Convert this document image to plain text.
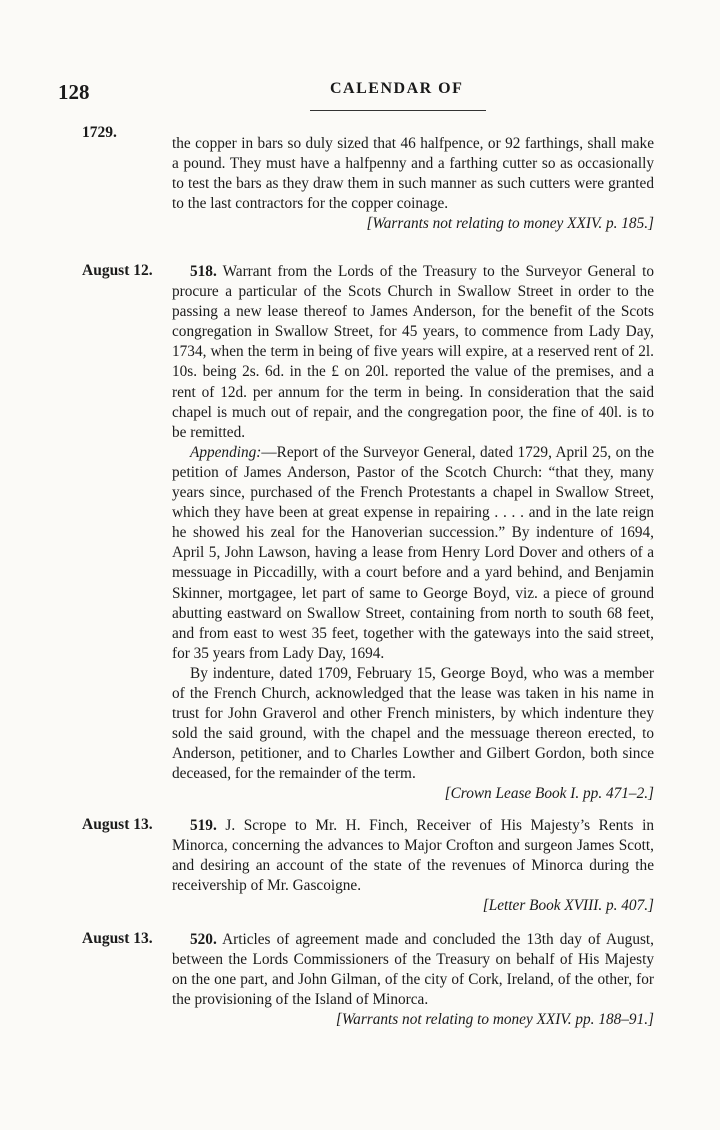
128	CALENDAR OF
1729.

the copper in bars so duly sized that 46 halfpence, or 92 farthings, shall make a pound. They must have a halfpenny and a farthing cutter so as occasionally to test the bars as they draw them in such manner as such cutters were granted to the last contractors for the copper coinage.

[Warrants not relating to money XXIV. p. 185.]

August 12.	518. Warrant from the Lords of the Treasury to the Surveyor General to procure a particular of the Scots Church in Swallow Street in order to the passing a new lease thereof to James Anderson, for the benefit of the Scots congregation in Swallow Street, for 45 years, to commence from Lady Day, 1734, when the term in being of five years will expire, at a reserved rent of 2l. 10s. being 2s. 6d. in the £ on 20l. reported the value of the premises, and a rent of 12d. per annum for the term in being. In consideration that the said chapel is much out of repair, and the congregation poor, the fine of 40l. is to be remitted.

Appending:—Report of the Surveyor General, dated 1729, April 25, on the petition of James Anderson, Pastor of the Scotch Church: “that they, many years since, purchased of the French Protestants a chapel in Swallow Street, which they have been at great expense in repairing . . . . and in the late reign he showed his zeal for the Hanoverian succession.” By indenture of 1694, April 5, John Lawson, having a lease from Henry Lord Dover and others of a messuage in Piccadilly, with a court before and a yard behind, and Benjamin Skinner, mortgagee, let part of same to George Boyd, viz. a piece of ground abutting eastward on Swallow Street, containing from north to south 68 feet, and from east to west 35 feet, together with the gateways into the said street, for 35 years from Lady Day, 1694.

By indenture, dated 1709, February 15, George Boyd, who was a member of the French Church, acknowledged that the lease was taken in his name in trust for John Graverol and other French ministers, by which indenture they sold the said ground, with the chapel and the messuage thereon erected, to Anderson, petitioner, and to Charles Lowther and Gilbert Gordon, both since deceased, for the remainder of the term.

[Crown Lease Book I. pp. 471–2.]

August 13.	519. J. Scrope to Mr. H. Finch, Receiver of His Majesty’s Rents in Minorca, concerning the advances to Major Crofton and surgeon James Scott, and desiring an account of the state of the revenues of Minorca during the receivership of Mr. Gascoigne.

[Letter Book XVIII. p. 407.]

August 13.	520. Articles of agreement made and concluded the 13th day of August, between the Lords Commissioners of the Treasury on behalf of His Majesty on the one part, and John Gilman, of the city of Cork, Ireland, of the other, for the provisioning of the Island of Minorca.

[Warrants not relating to money XXIV. pp. 188–91.]
